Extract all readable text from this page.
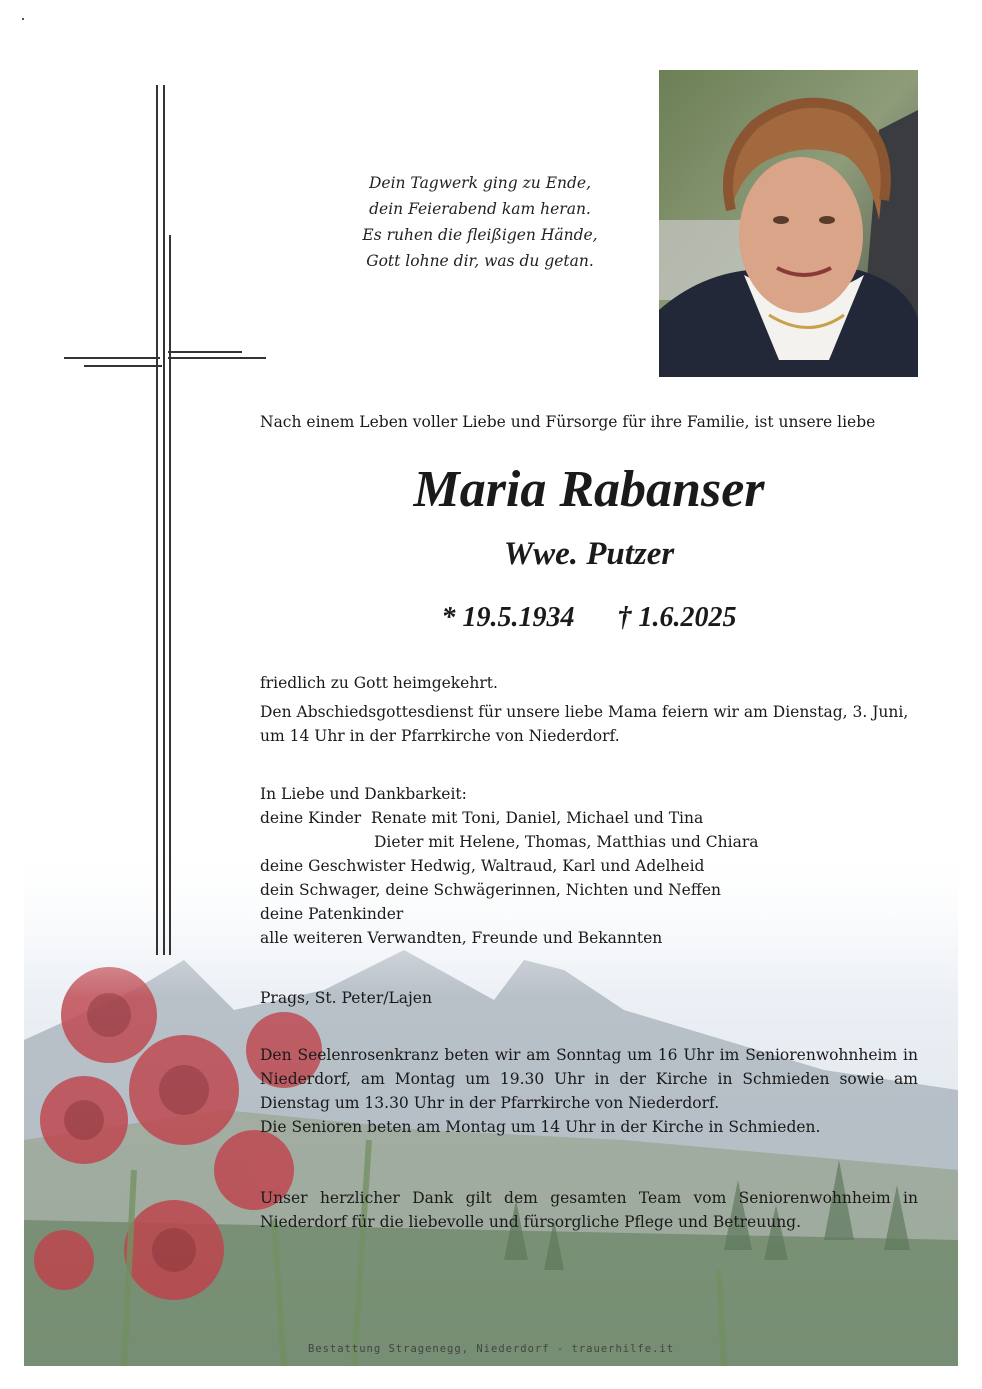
Dein Tagwerk ging zu Ende,
dein Feierabend kam heran.
Es ruhen die fleißigen Hände,
Gott lohne dir, was du getan.
Nach einem Leben voller Liebe und Fürsorge für ihre Familie, ist unsere liebe
Maria Rabanser
Wwe. Putzer
* 19.5.1934 † 1.6.2025
friedlich zu Gott heimgekehrt.
Den Abschiedsgottesdienst für unsere liebe Mama feiern wir am Dienstag, 3. Juni, um 14 Uhr in der Pfarrkirche von Niederdorf.
In Liebe und Dankbarkeit:
deine Kinder
Renate mit Toni, Daniel, Michael und Tina
Dieter mit Helene, Thomas, Matthias und Chiara
deine Geschwister Hedwig, Waltraud, Karl und Adelheid
dein Schwager, deine Schwägerinnen, Nichten und Neffen
deine Patenkinder
alle weiteren Verwandten, Freunde und Bekannten
Prags, St. Peter/Lajen
Den Seelenrosenkranz beten wir am Sonntag um 16 Uhr im Seniorenwohnheim in Niederdorf, am Montag um 19.30 Uhr in der Kirche in Schmieden sowie am Dienstag um 13.30 Uhr in der Pfarrkirche von Niederdorf.
Die Senioren beten am Montag um 14 Uhr in der Kirche in Schmieden.
Unser herzlicher Dank gilt dem gesamten Team vom Seniorenwohnheim in Niederdorf für die liebevolle und fürsorgliche Pflege und Betreuung.
Bestattung Stragenegg, Niederdorf - trauerhilfe.it
